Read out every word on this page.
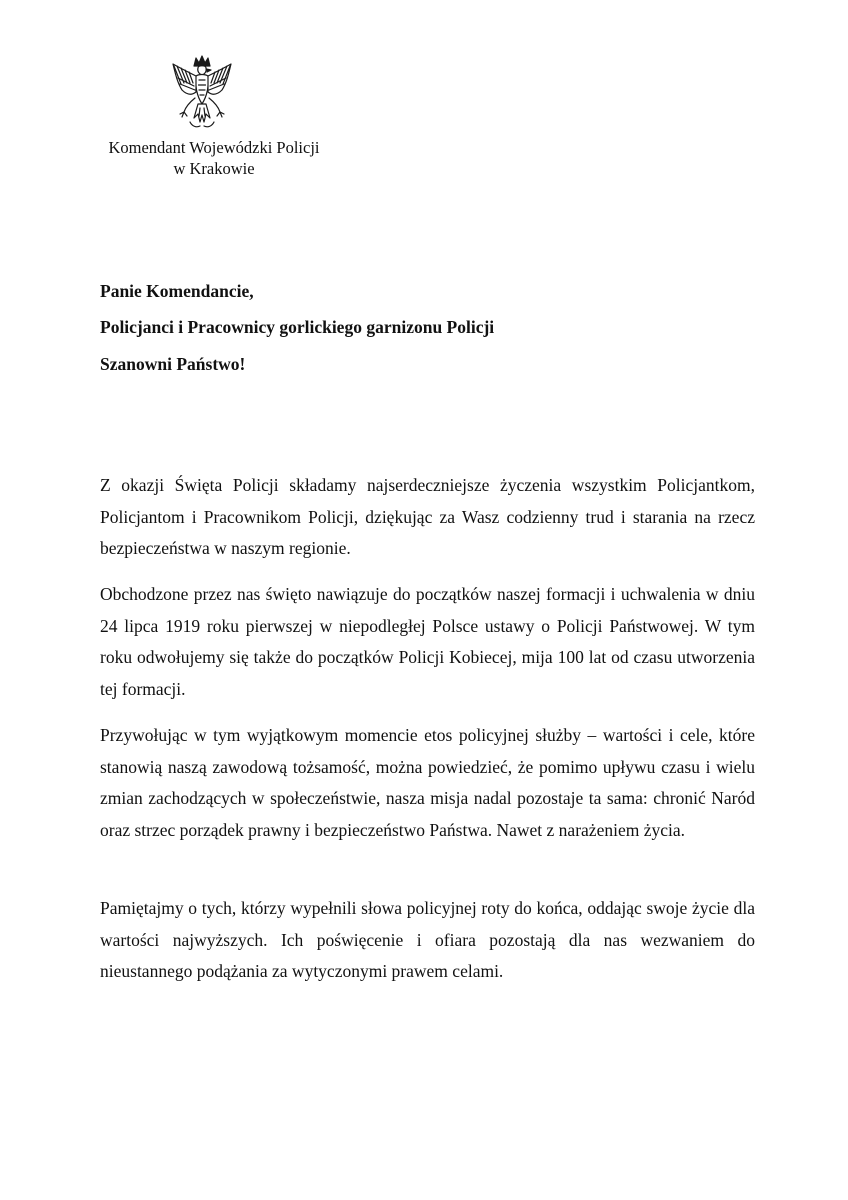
Komendant Wojewódzki Policji
w Krakowie
Panie Komendancie,
Policjanci i Pracownicy gorlickiego garnizonu Policji
Szanowni Państwo!

Z okazji Święta Policji składamy najserdeczniejsze życzenia wszystkim Policjantkom, Policjantom i Pracownikom Policji, dziękując za Wasz codzienny trud i starania na rzecz bezpieczeństwa w naszym regionie.

Obchodzone przez nas święto nawiązuje do początków naszej formacji i uchwalenia w dniu 24 lipca 1919 roku pierwszej w niepodległej Polsce ustawy o Policji Państwowej. W tym roku odwołujemy się także do początków Policji Kobiecej, mija 100 lat od czasu utworzenia tej formacji.

Przywołując w tym wyjątkowym momencie etos policyjnej służby – wartości i cele, które stanowią naszą zawodową tożsamość, można powiedzieć, że pomimo upływu czasu i wielu zmian zachodzących w społeczeństwie, nasza misja nadal pozostaje ta sama: chronić Naród oraz strzec porządek prawny i bezpieczeństwo Państwa. Nawet z narażeniem życia.

Pamiętajmy o tych, którzy wypełnili słowa policyjnej roty do końca, oddając swoje życie dla wartości najwyższych. Ich poświęcenie i ofiara pozostają dla nas wezwaniem do nieustannego podążania za wytyczonymi prawem celami.
